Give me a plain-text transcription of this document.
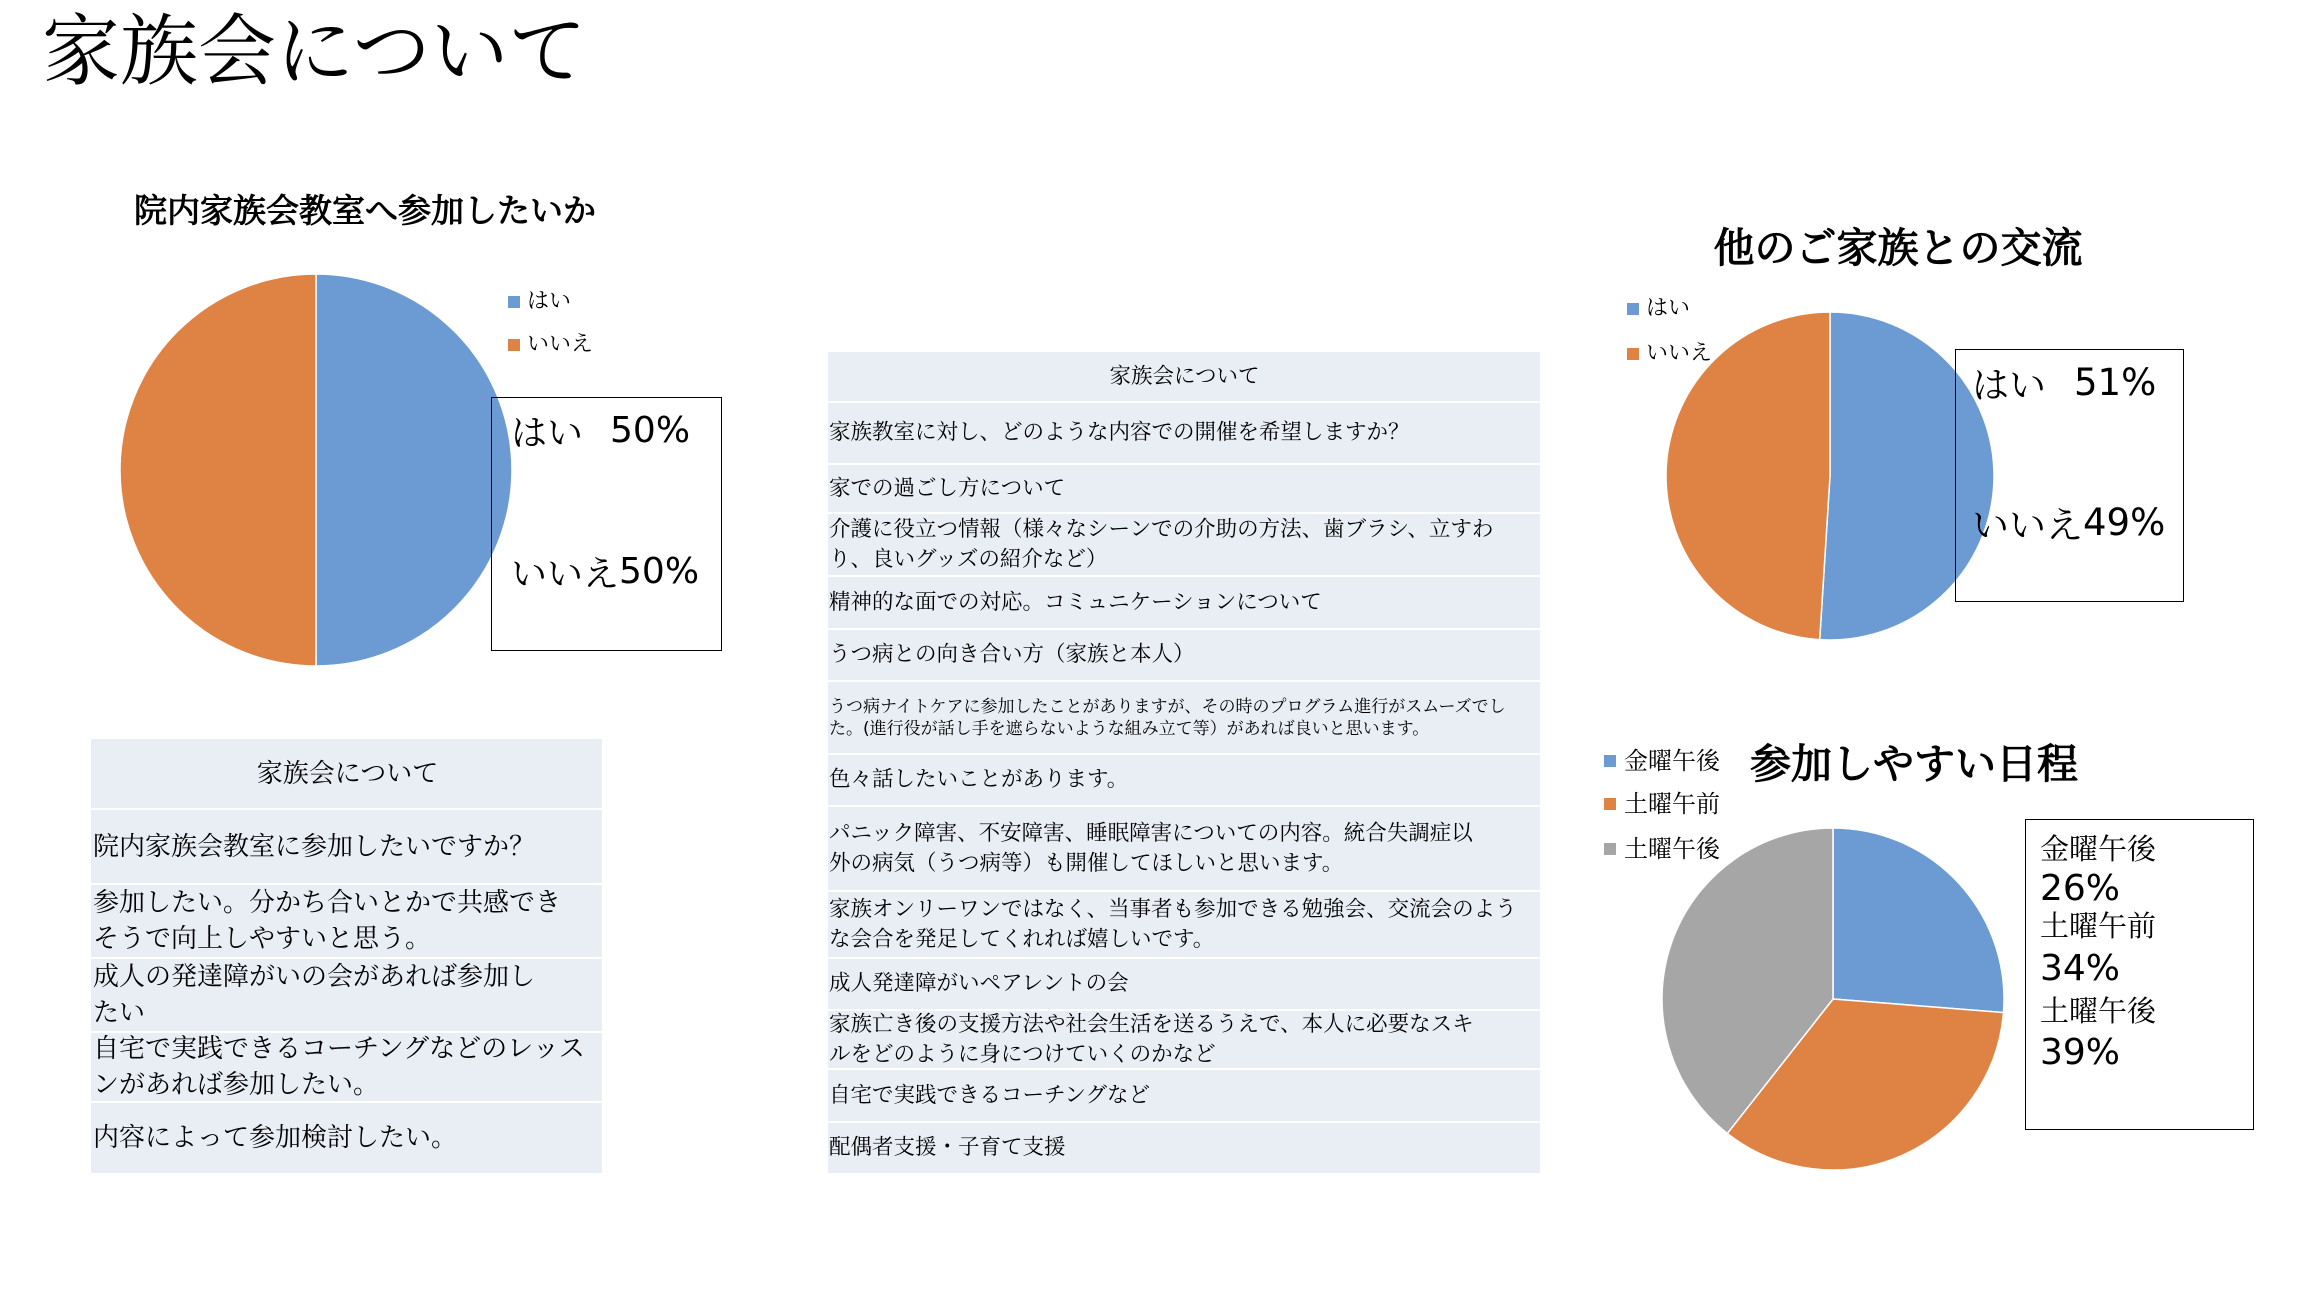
家族会について
院内家族会教室へ参加したいか
はい
いいえ
はい 50%
いいえ 50%
他のご家族との交流
はい
いいえ
はい 51%
いいえ 49%
参加しやすい日程
金曜午後
土曜午前
土曜午後	金曜午後
26%
土曜午前
34%
土曜午後
39%
家族会について
院内家族会教室に参加したいですか？
参加したい。分かち合いとかで共感でき
そうで向上しやすいと思う。
成人の発達障がいの会があれば参加し
たい
自宅で実践できるコーチングなどのレッス
ンがあれば参加したい。
内容によって参加検討したい。
家族会について
家族教室に対し、どのような内容での開催を希望しますか？
家での過ごし方について
介護に役立つ情報（様々なシーンでの介助の方法、歯ブラシ、立すわ
り、良いグッズの紹介など）
精神的な面での対応。コミュニケーションについて
うつ病との向き合い方（家族と本人）
うつ病ナイトケアに参加したことがありますが、その時のプログラム進行がスムーズでし
た。(進行役が話し手を遮らないような組み立て等）があれば良いと思います。
色々話したいことがあります。
パニック障害、不安障害、睡眠障害についての内容。統合失調症以
外の病気（うつ病等）も開催してほしいと思います。
家族オンリーワンではなく、当事者も参加できる勉強会、交流会のよう
な会合を発足してくれれば嬉しいです。
成人発達障がいペアレントの会
家族亡き後の支援方法や社会生活を送るうえで、本人に必要なスキ
ルをどのように身につけていくのかなど
自宅で実践できるコーチングなど
配偶者支援・子育て支援
